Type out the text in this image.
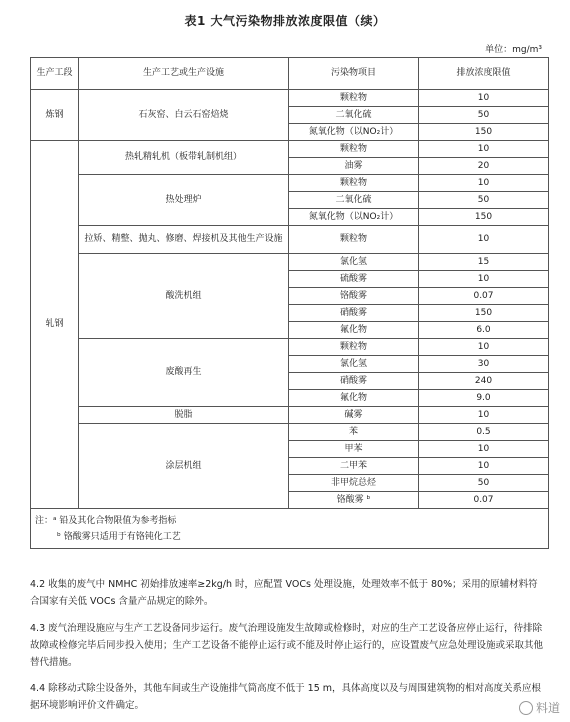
表1 大气污染物排放浓度限值（续）
单位：mg/m³
生产工段	生产工艺或生产设施	污染物项目	排放浓度限值
炼钢	石灰窑、白云石窑焙烧	颗粒物	10
		二氧化硫	50
		氮氧化物（以NO₂计）	150
轧钢	热轧精轧机（板带轧制机组）	颗粒物	10
		油雾	20
	热处理炉	颗粒物	10
		二氧化硫	50
		氮氧化物（以NO₂计）	150
	拉矫、精整、抛丸、修磨、焊接机及其他生产设施	颗粒物	10
	酸洗机组	氯化氢	15
		硫酸雾	10
		铬酸雾	0.07
		硝酸雾	150
		氟化物	6.0
	废酸再生	颗粒物	10
		氯化氢	30
		硝酸雾	240
		氟化物	9.0
	脱脂	碱雾	10
	涂层机组	苯	0.5
		甲苯	10
		二甲苯	10
		非甲烷总烃	50
		铬酸雾 ᵇ	0.07

注：ᵃ 铅及其化合物限值为参考指标
ᵇ 铬酸雾只适用于有铬钝化工艺			
4.2 收集的废气中 NMHC 初始排放速率≥2kg/h 时，应配置 VOCs 处理设施，处理效率不低于 80%；采用的原辅材料符合国家有关低 VOCs 含量产品规定的除外。
4.3 废气治理设施应与生产工艺设备同步运行。废气治理设施发生故障或检修时，对应的生产工艺设备应停止运行，待排除故障或检修完毕后同步投入使用；生产工艺设备不能停止运行或不能及时停止运行的，应设置废气应急处理设施或采取其他替代措施。
4.4 除移动式除尘设备外，其他车间或生产设施排气筒高度不低于 15 m，具体高度以及与周围建筑物的相对高度关系应根据环境影响评价文件确定。	料道
